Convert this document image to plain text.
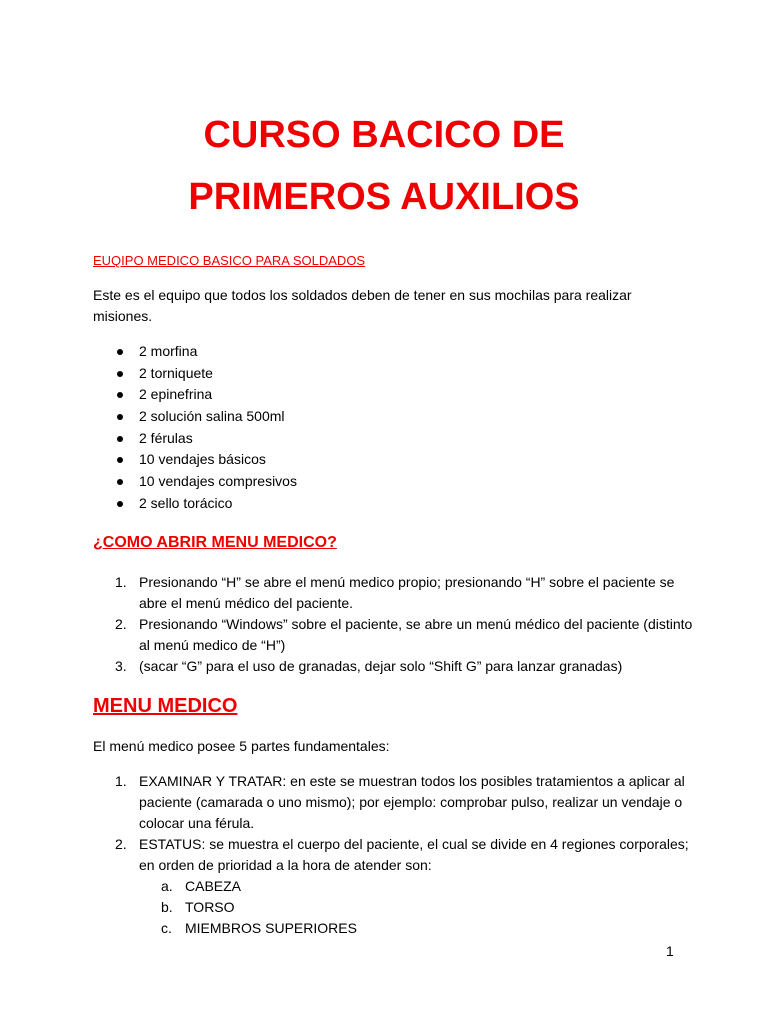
CURSO BACICO DE
PRIMEROS AUXILIOS

EUQIPO MEDICO BASICO PARA SOLDADOS

Este es el equipo que todos los soldados deben de tener en sus mochilas para realizar misiones.

2 morfina
2 torniquete
2 epinefrina
2 solución salina 500ml
2 férulas
10 vendajes básicos
10 vendajes compresivos
2 sello torácico

¿COMO ABRIR MENU MEDICO?

1. Presionando “H” se abre el menú medico propio; presionando “H” sobre el paciente se abre el menú médico del paciente.
2. Presionando “Windows” sobre el paciente, se abre un menú médico del paciente (distinto al menú medico de “H”)
3. (sacar “G” para el uso de granadas, dejar solo “Shift G” para lanzar granadas)

MENU MEDICO

El menú medico posee 5 partes fundamentales:

1. EXAMINAR Y TRATAR: en este se muestran todos los posibles tratamientos a aplicar al paciente (camarada o uno mismo); por ejemplo: comprobar pulso, realizar un vendaje o colocar una férula.
2. ESTATUS: se muestra el cuerpo del paciente, el cual se divide en 4 regiones corporales; en orden de prioridad a la hora de atender son:
a. CABEZA
b. TORSO
c. MIEMBROS SUPERIORES
1
